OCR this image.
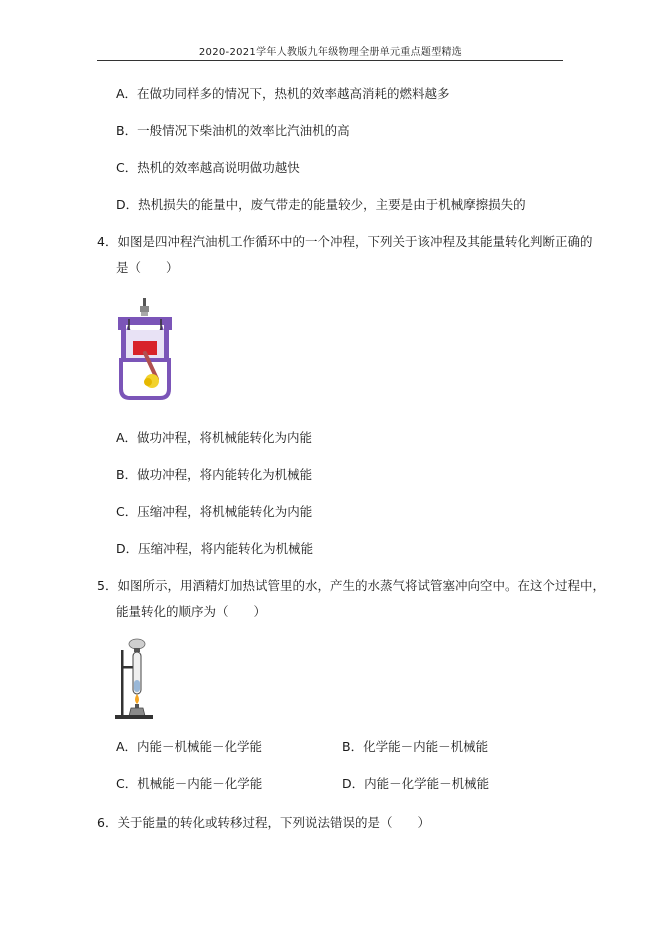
2020-2021学年人教版九年级物理全册单元重点题型精选
A．在做功同样多的情况下，热机的效率越高消耗的燃料越多
B．一般情况下柴油机的效率比汽油机的高
C．热机的效率越高说明做功越快
D．热机损失的能量中，废气带走的能量较少，主要是由于机械摩擦损失的
4．如图是四冲程汽油机工作循环中的一个冲程，下列关于该冲程及其能量转化判断正确的
是（　　）
A．做功冲程，将机械能转化为内能
B．做功冲程，将内能转化为机械能
C．压缩冲程，将机械能转化为内能
D．压缩冲程，将内能转化为机械能
5．如图所示，用酒精灯加热试管里的水，产生的水蒸气将试管塞冲向空中。在这个过程中，
能量转化的顺序为（　　）
A．内能－机械能－化学能	B．化学能－内能－机械能
C．机械能－内能－化学能	D．内能－化学能－机械能
6．关于能量的转化或转移过程，下列说法错误的是（　　）
